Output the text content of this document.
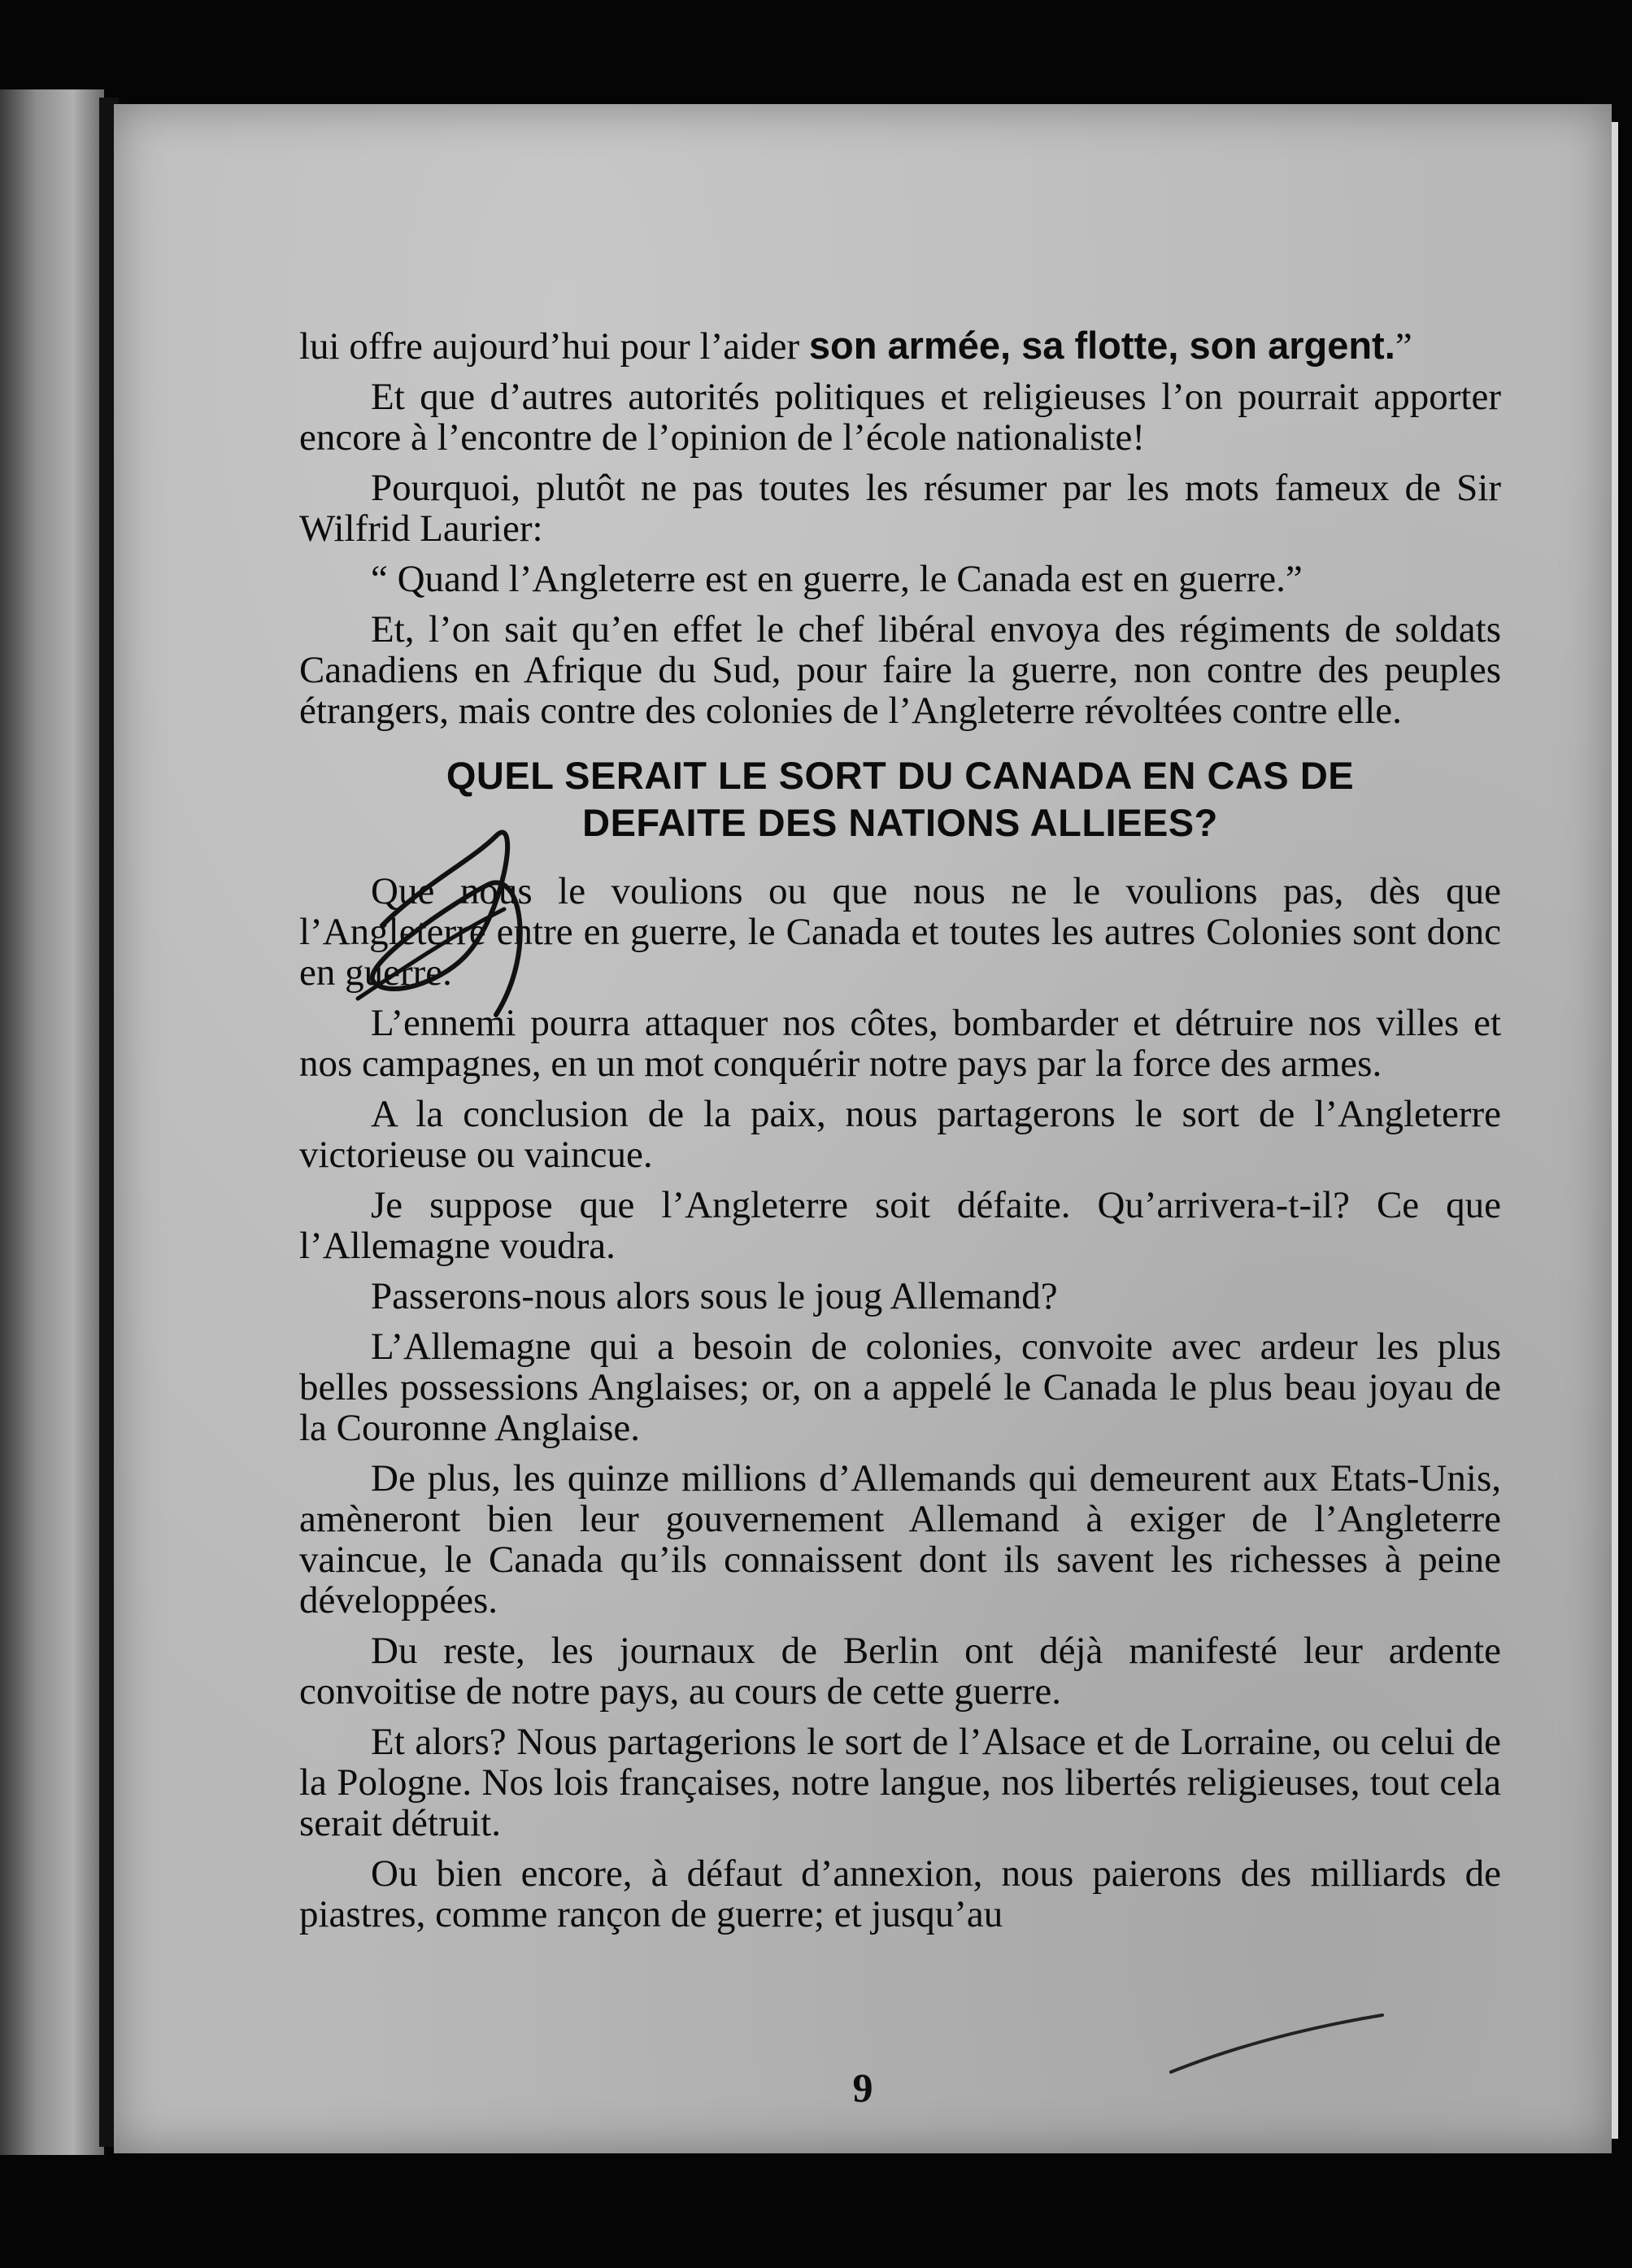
lui offre aujourd’hui pour l’aider son armée, sa flotte, son argent.”

Et que d’autres autorités politiques et religieuses l’on pourrait apporter encore à l’encontre de l’opinion de l’école nationaliste!

Pourquoi, plutôt ne pas toutes les résumer par les mots fameux de Sir Wilfrid Laurier:

“ Quand l’Angleterre est en guerre, le Canada est en guerre.”

Et, l’on sait qu’en effet le chef libéral envoya des régiments de soldats Canadiens en Afrique du Sud, pour faire la guerre, non contre des peuples étrangers, mais contre des colonies de l’Angleterre révoltées contre elle.

QUEL SERAIT LE SORT DU CANADA EN CAS DE
DEFAITE DES NATIONS ALLIEES?

Que nous le voulions ou que nous ne le voulions pas, dès que l’Angleterre entre en guerre, le Canada et toutes les autres Colonies sont donc en guerre.

L’ennemi pourra attaquer nos côtes, bombarder et détruire nos villes et nos campagnes, en un mot conquérir notre pays par la force des armes.

A la conclusion de la paix, nous partagerons le sort de l’Angleterre victorieuse ou vaincue.

Je suppose que l’Angleterre soit défaite. Qu’arrivera-t-il? Ce que l’Allemagne voudra.

Passerons-nous alors sous le joug Allemand?

L’Allemagne qui a besoin de colonies, convoite avec ardeur les plus belles possessions Anglaises; or, on a appelé le Canada le plus beau joyau de la Couronne Anglaise.

De plus, les quinze millions d’Allemands qui demeurent aux Etats-Unis, amèneront bien leur gouvernement Allemand à exiger de l’Angleterre vaincue, le Canada qu’ils connaissent dont ils savent les richesses à peine développées.

Du reste, les journaux de Berlin ont déjà manifesté leur ardente convoitise de notre pays, au cours de cette guerre.

Et alors? Nous partagerions le sort de l’Alsace et de Lorraine, ou celui de la Pologne. Nos lois françaises, notre langue, nos libertés religieuses, tout cela serait détruit.

Ou bien encore, à défaut d’annexion, nous paierons des milliards de piastres, comme rançon de guerre; et jusqu’au

9
